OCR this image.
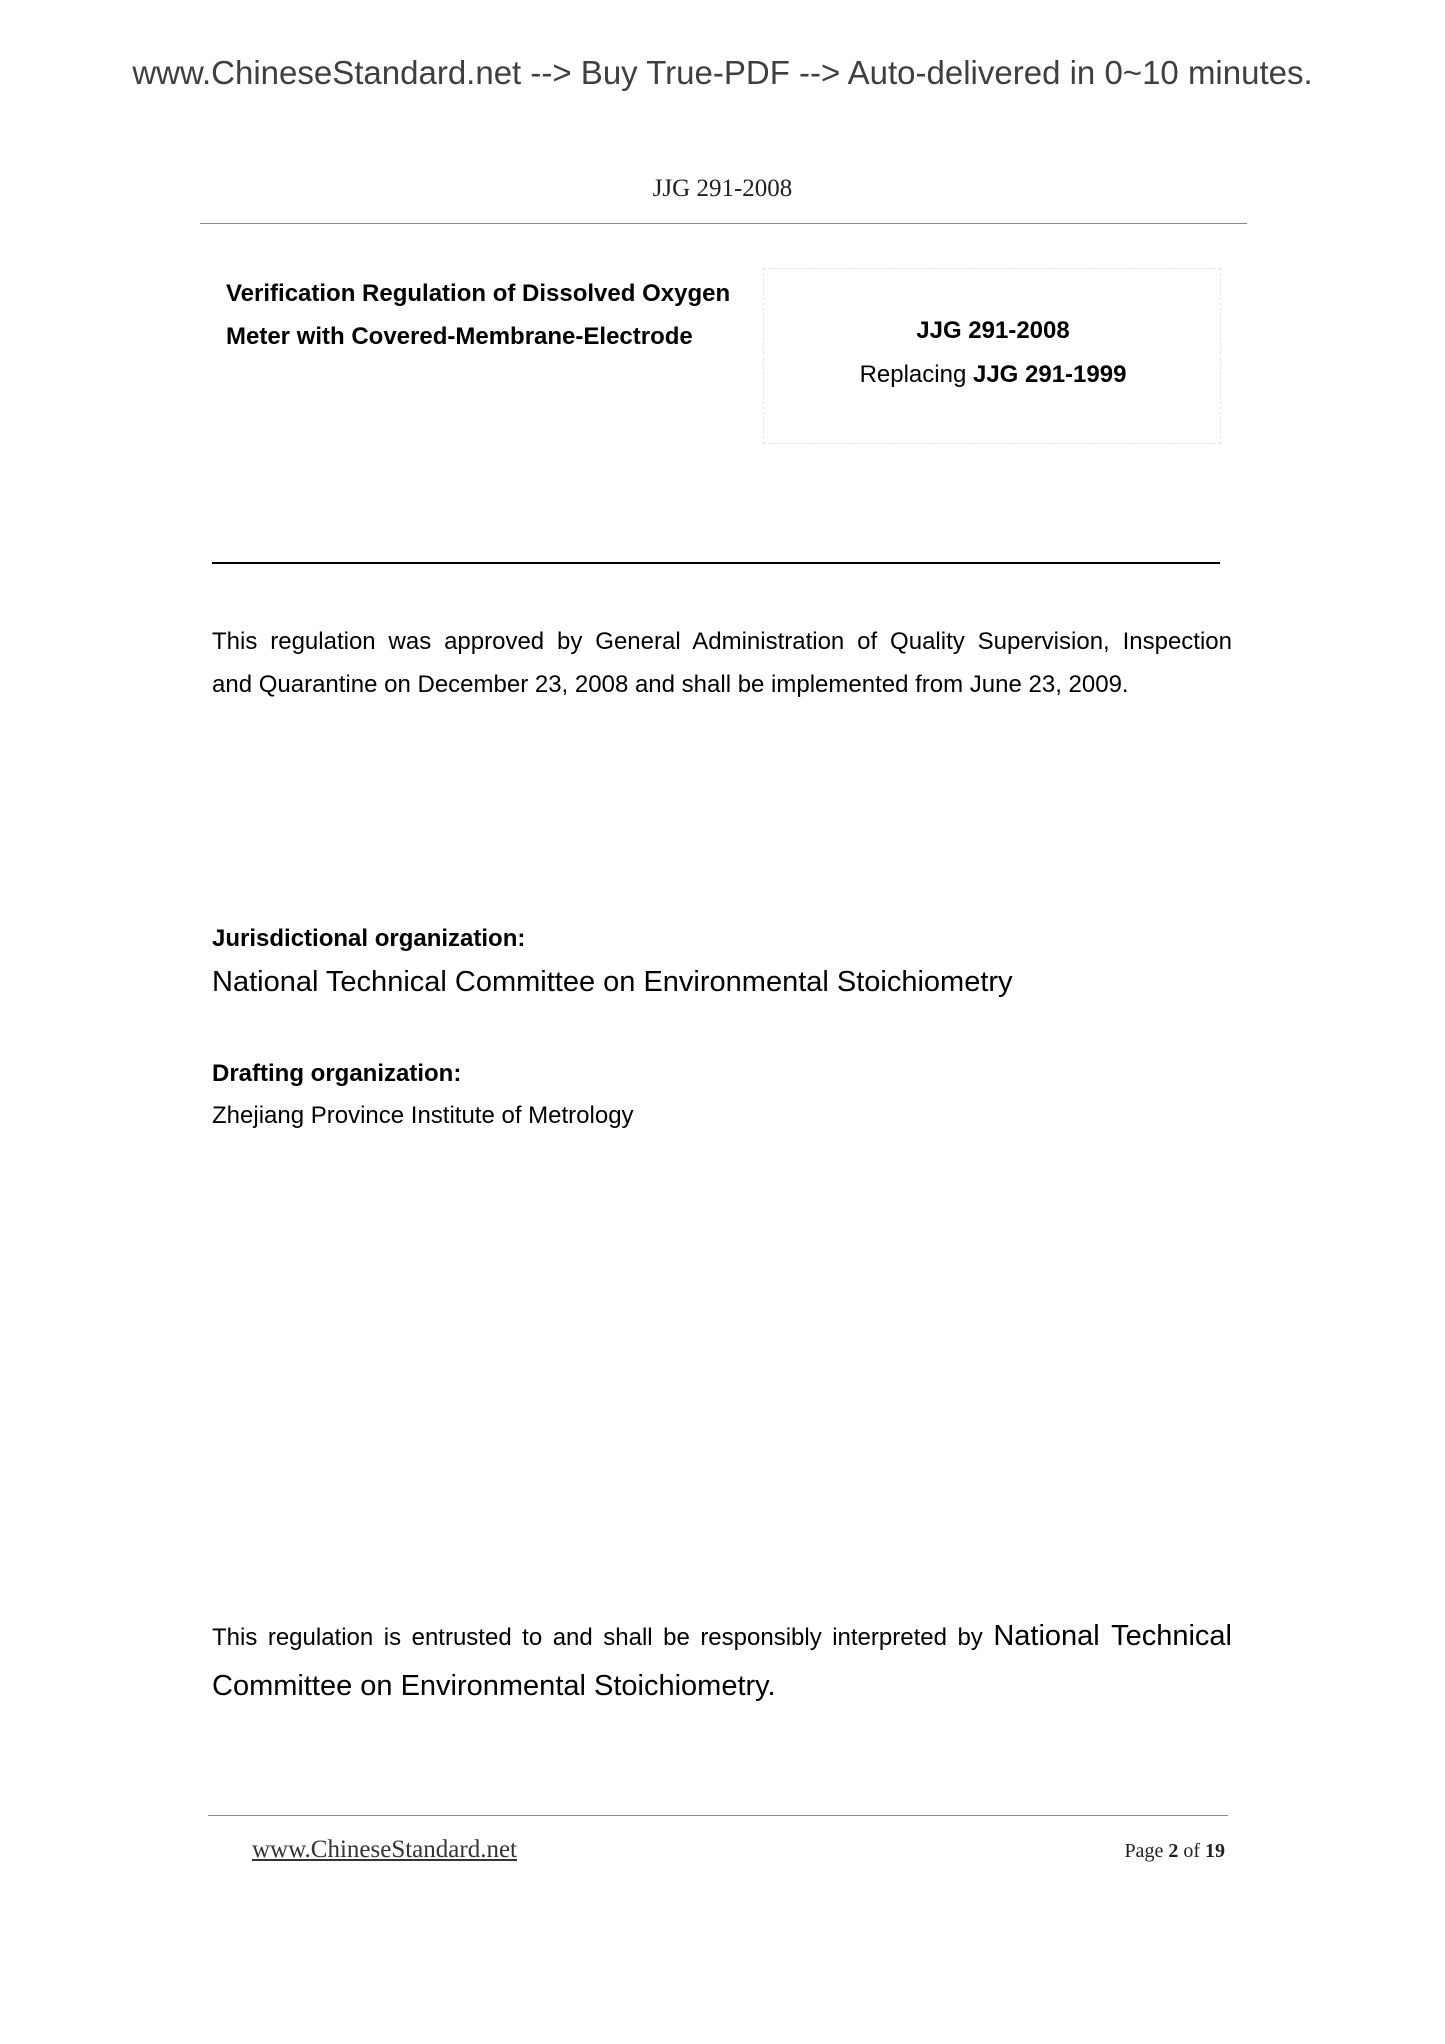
www.ChineseStandard.net --> Buy True-PDF --> Auto-delivered in 0~10 minutes.
JJG 291-2008
Verification Regulation of Dissolved Oxygen
Meter with Covered-Membrane-Electrode	JJG 291-2008
Replacing JJG 291-1999
This regulation was approved by General Administration of Quality Supervision, Inspection
and Quarantine on December 23, 2008 and shall be implemented from June 23, 2009.
Jurisdictional organization:
National Technical Committee on Environmental Stoichiometry
Drafting organization:
Zhejiang Province Institute of Metrology
This regulation is entrusted to and shall be responsibly interpreted by National Technical
Committee on Environmental Stoichiometry.
www.ChineseStandard.net	Page 2 of 19
